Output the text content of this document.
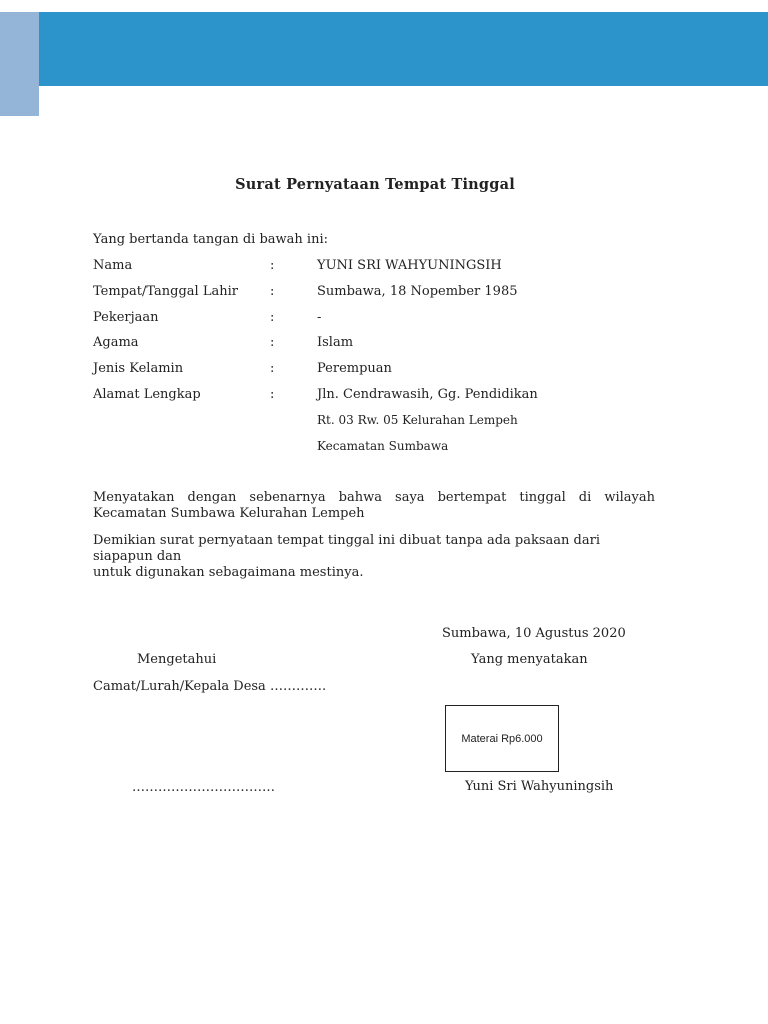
Surat Pernyataan Tempat Tinggal
Yang bertanda tangan di bawah ini:
Nama	:	YUNI SRI WAHYUNINGSIH
Tempat/Tanggal Lahir :	Sumbawa, 18 Nopember 1985
Pekerjaan	:	-
Agama	:	Islam
Jenis Kelamin	:	Perempuan
Alamat Lengkap	:	Jln. Cendrawasih, Gg. Pendidikan
Rt. 03 Rw. 05 Kelurahan Lempeh
Kecamatan Sumbawa
Menyatakan dengan sebenarnya bahwa saya bertempat tinggal di wilayah
Kecamatan Sumbawa Kelurahan Lempeh
Demikian surat pernyataan tempat tinggal ini dibuat tanpa ada paksaan dari siapapun dan
untuk digunakan sebagaimana mestinya.
Sumbawa, 10 Agustus 2020
Mengetahui	Yang menyatakan
Camat/Lurah/Kepala Desa ………….
Materai Rp6.000
……………………………	Yuni Sri Wahyuningsih
